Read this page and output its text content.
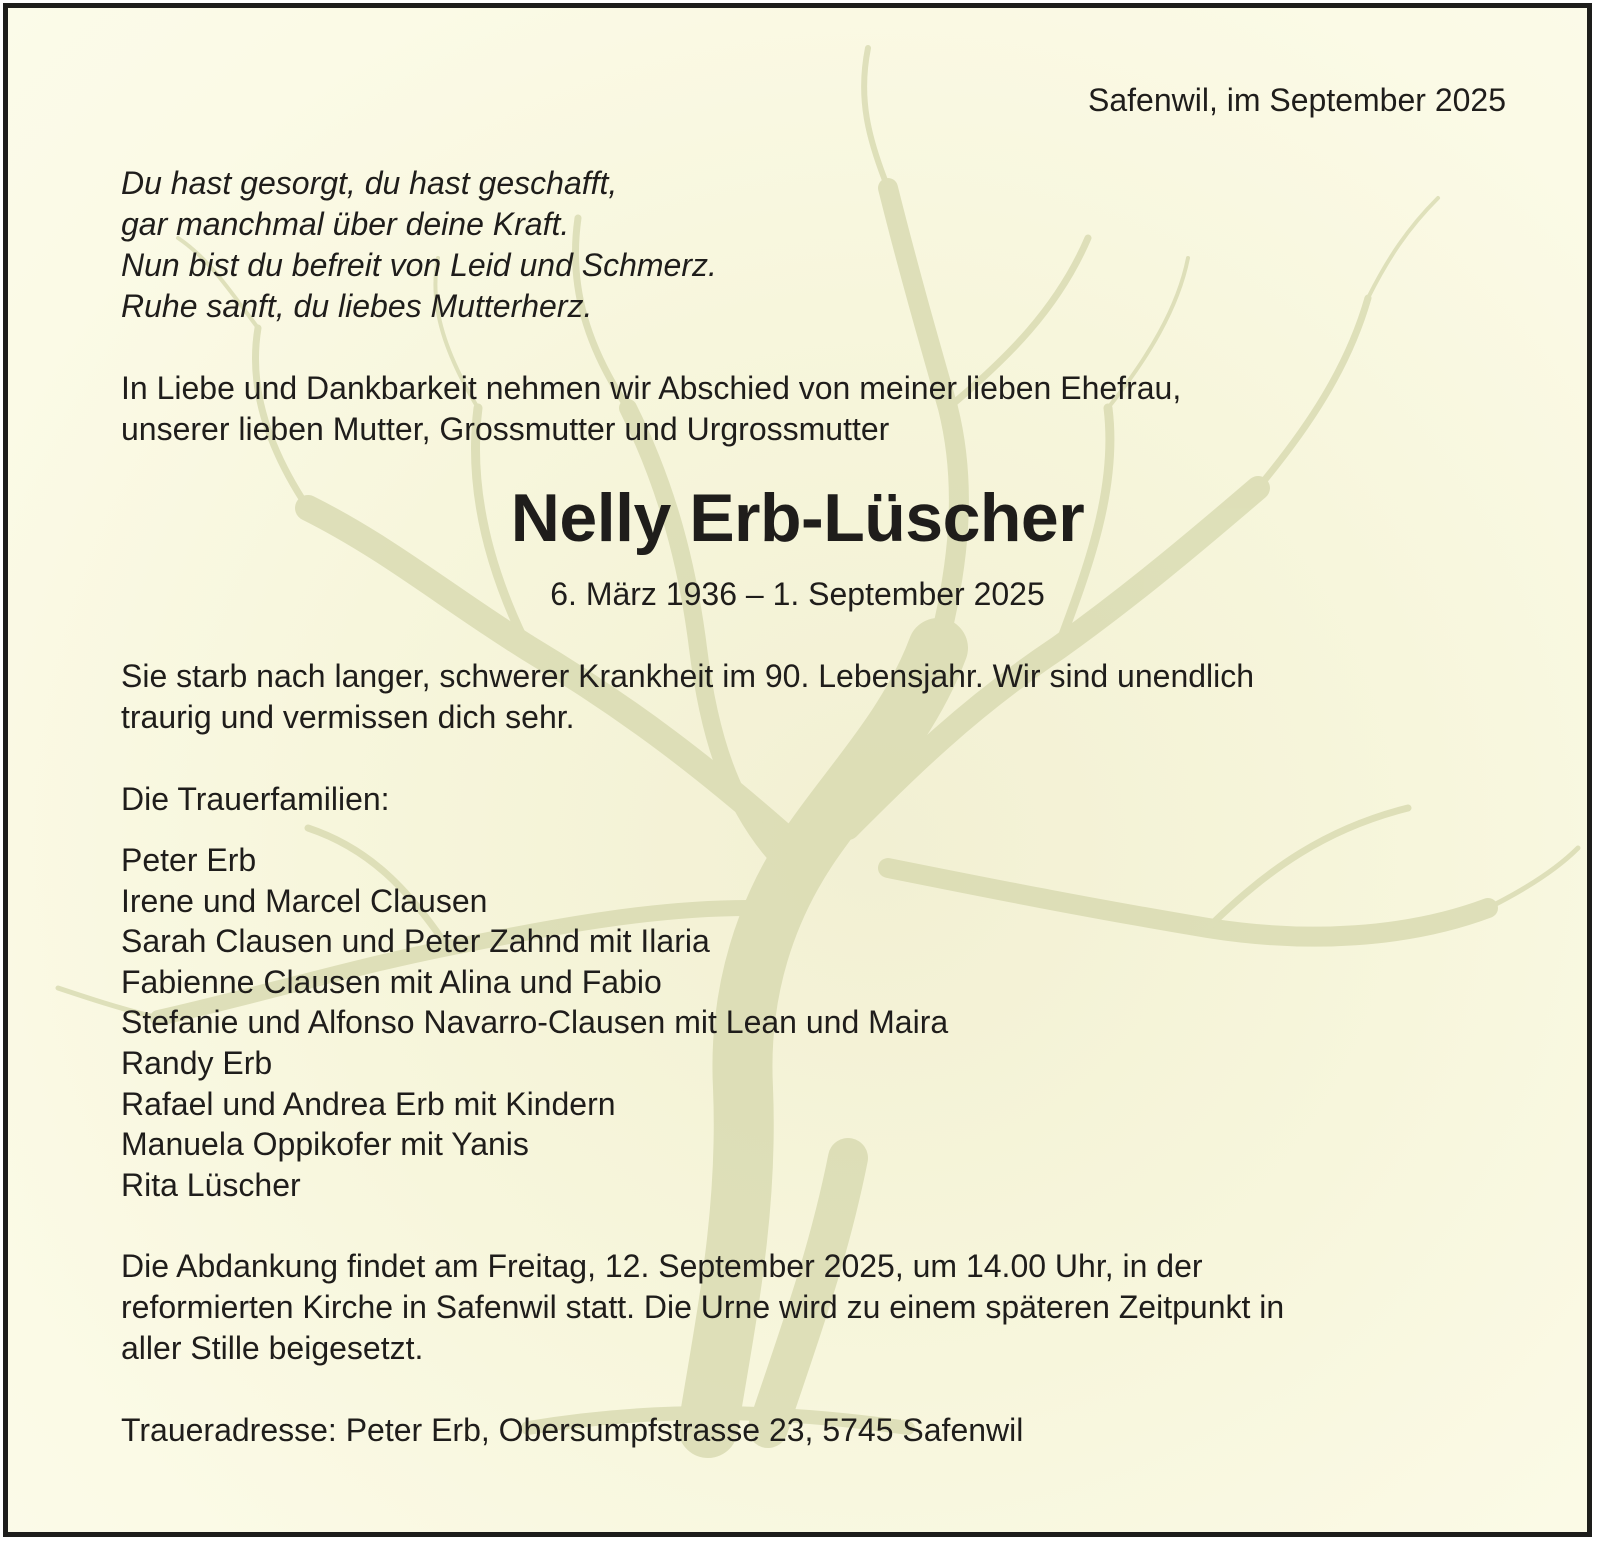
Safenwil, im September 2025

Du hast gesorgt, du hast geschafft,
gar manchmal über deine Kraft.
Nun bist du befreit von Leid und Schmerz.
Ruhe sanft, du liebes Mutterherz.
In Liebe und Dankbarkeit nehmen wir Abschied von meiner lieben Ehefrau,
unserer lieben Mutter, Grossmutter und Urgrossmutter
Nelly Erb-Lüscher

6. März 1936 – 1. September 2025

Sie starb nach langer, schwerer Krankheit im 90. Lebensjahr. Wir sind unendlich
traurig und vermissen dich sehr.
Die Trauerfamilien:
Peter Erb
Irene und Marcel Clausen
Sarah Clausen und Peter Zahnd mit Ilaria
Fabienne Clausen mit Alina und Fabio
Stefanie und Alfonso Navarro-Clausen mit Lean und Maira
Randy Erb
Rafael und Andrea Erb mit Kindern
Manuela Oppikofer mit Yanis
Rita Lüscher
Die Abdankung findet am Freitag, 12. September 2025, um 14.00 Uhr, in der
reformierten Kirche in Safenwil statt. Die Urne wird zu einem späteren Zeitpunkt in
aller Stille beigesetzt.
Traueradresse: Peter Erb, Obersumpfstrasse 23, 5745 Safenwil
